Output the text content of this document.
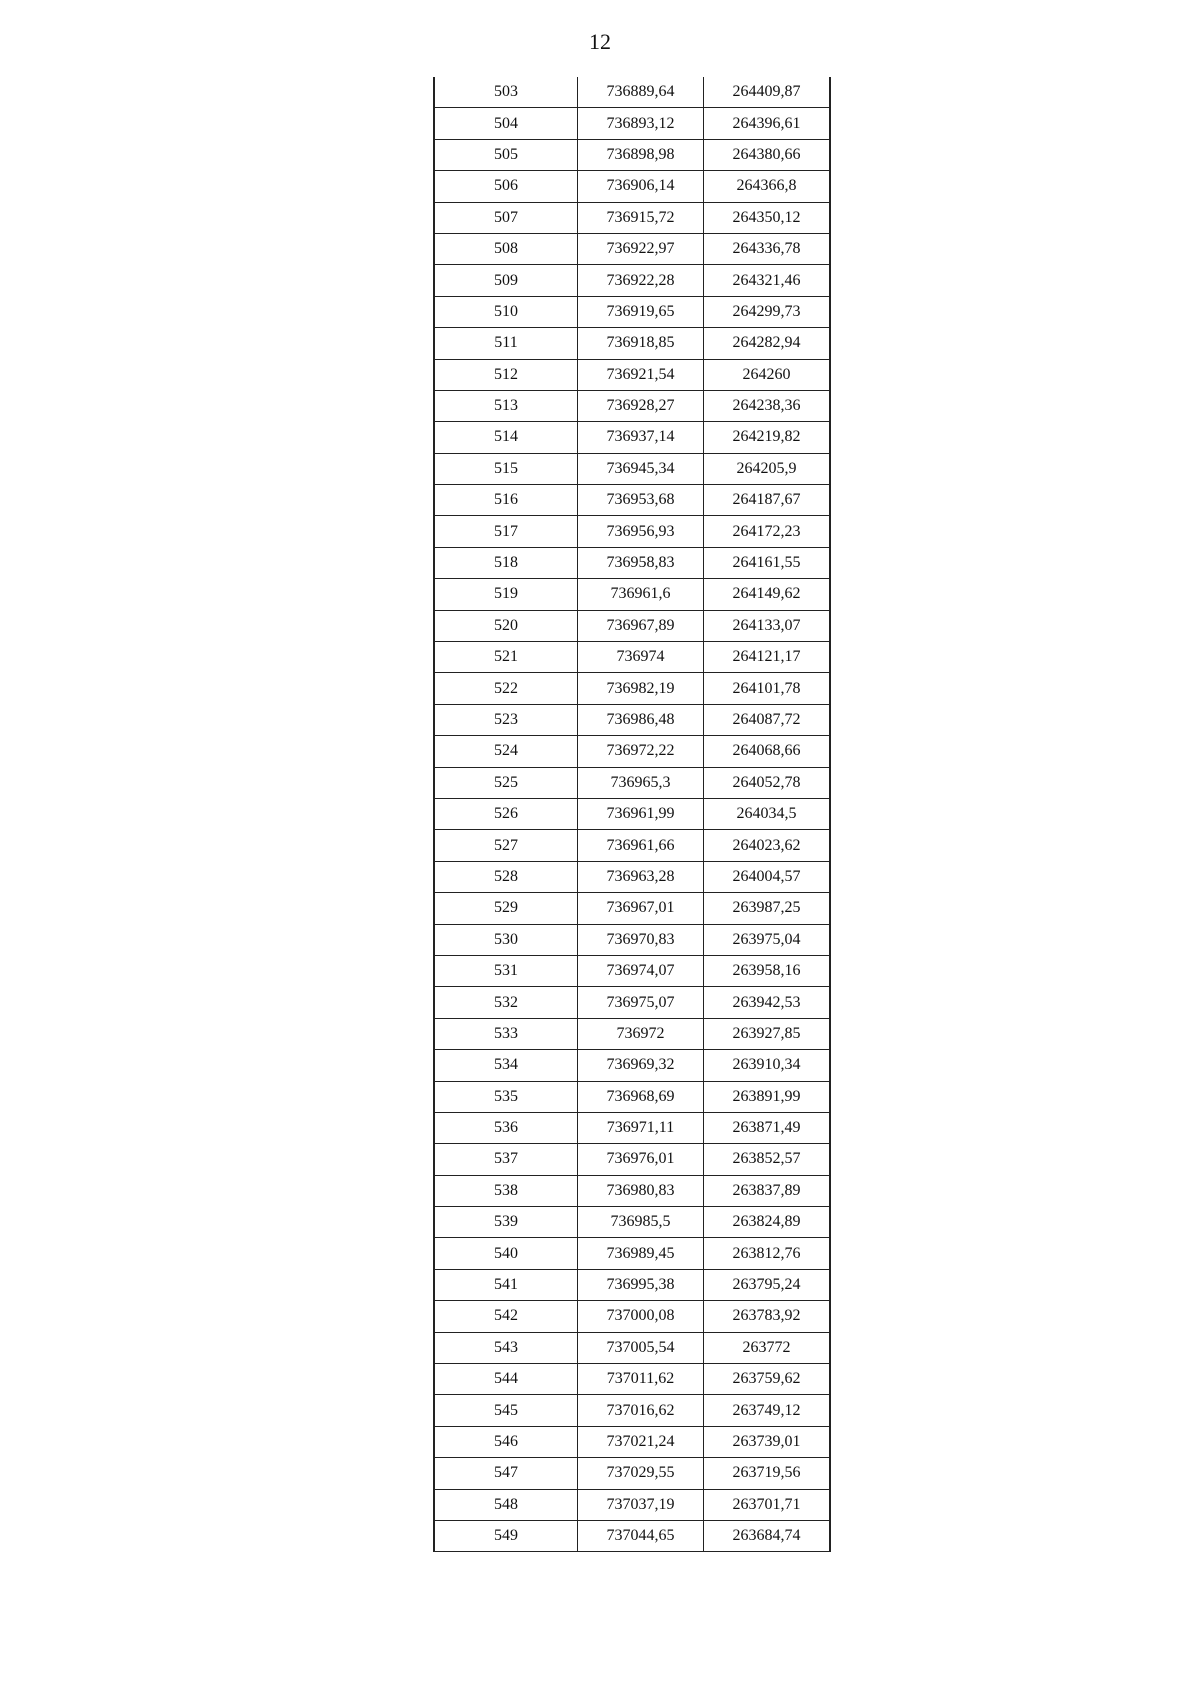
12
503	736889,64	264409,87
504	736893,12	264396,61
505	736898,98	264380,66
506	736906,14	264366,8
507	736915,72	264350,12
508	736922,97	264336,78
509	736922,28	264321,46
510	736919,65	264299,73
511	736918,85	264282,94
512	736921,54	264260
513	736928,27	264238,36
514	736937,14	264219,82
515	736945,34	264205,9
516	736953,68	264187,67
517	736956,93	264172,23
518	736958,83	264161,55
519	736961,6	264149,62
520	736967,89	264133,07
521	736974	264121,17
522	736982,19	264101,78
523	736986,48	264087,72
524	736972,22	264068,66
525	736965,3	264052,78
526	736961,99	264034,5
527	736961,66	264023,62
528	736963,28	264004,57
529	736967,01	263987,25
530	736970,83	263975,04
531	736974,07	263958,16
532	736975,07	263942,53
533	736972	263927,85
534	736969,32	263910,34
535	736968,69	263891,99
536	736971,11	263871,49
537	736976,01	263852,57
538	736980,83	263837,89
539	736985,5	263824,89
540	736989,45	263812,76
541	736995,38	263795,24
542	737000,08	263783,92
543	737005,54	263772
544	737011,62	263759,62
545	737016,62	263749,12
546	737021,24	263739,01
547	737029,55	263719,56
548	737037,19	263701,71
549	737044,65	263684,74
